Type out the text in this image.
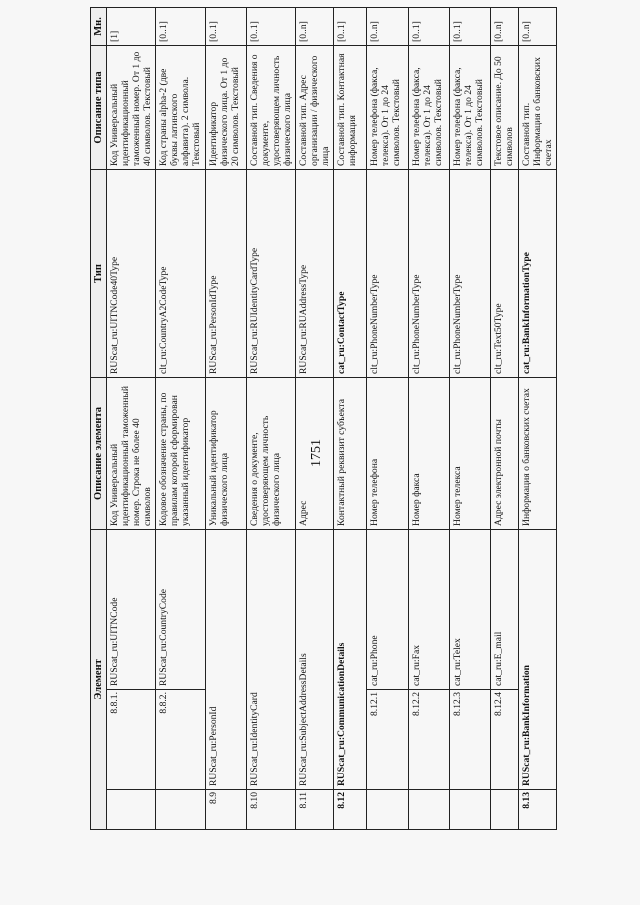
1751
Элемент			Описание элемента	Тип	Описание типа	Мн.
	8.8.1.	RUScat_ru:UITNCode	Код Универсальный идентификационный таможенный номер. Строка не более 40 символов	RUScat_ru:UITNCode40Type	Код Универсальный идентификационный таможенный номер. От 1 до 40 символов. Текстовый	[1]
	8.8.2.	RUScat_ru:CountryCode	Кодовое обозначение страны, по правилам которой сформирован указанный идентификатор	clt_ru:CountryA2CodeType	Код страны alpha-2 (две буквы латинского алфавита). 2 символа. Текстовый	[0..1]
8.9	RUScat_ru:PersonId		Уникальный идентификатор физического лица	RUScat_ru:PersonIdType	Идентификатор физического лица. От 1 до 20 символов. Текстовый	[0..1]
8.10	RUScat_ru:IdentityCard		Сведения о документе, удостоверяющем личность физического лица	RUScat_ru:RUIdentityCardType	Составной тип. Сведения о документе, удостоверяющем личность физического лица	[0..1]
8.11	RUScat_ru:SubjectAddressDetails		Адрес	RUScat_ru:RUAddressType	Составной тип. Адрес организации / физического лица	[0..n]
8.12	RUScat_ru:CommunicationDetails		Контактный реквизит субъекта	cat_ru:ContactType	Составной тип. Контактная информация	[0..1]
	8.12.1	cat_ru:Phone	Номер телефона	clt_ru:PhoneNumberType	Номер телефона (факса, телекса). От 1 до 24 символов. Текстовый	[0..n]
	8.12.2	cat_ru:Fax	Номер факса	clt_ru:PhoneNumberType	Номер телефона (факса, телекса). От 1 до 24 символов. Текстовый	[0..1]
	8.12.3	cat_ru:Telex	Номер телекса	clt_ru:PhoneNumberType	Номер телефона (факса, телекса). От 1 до 24 символов. Текстовый	[0..1]
	8.12.4	cat_ru:E_mail	Адрес электронной почты	clt_ru:Text50Type	Текстовое описание. До 50 символов	[0..n]
8.13	RUScat_ru:BankInformation		Информация о банковских счетах	cat_ru:BankInformationType	Составной тип. Информация о банковских счетах	[0..n]
